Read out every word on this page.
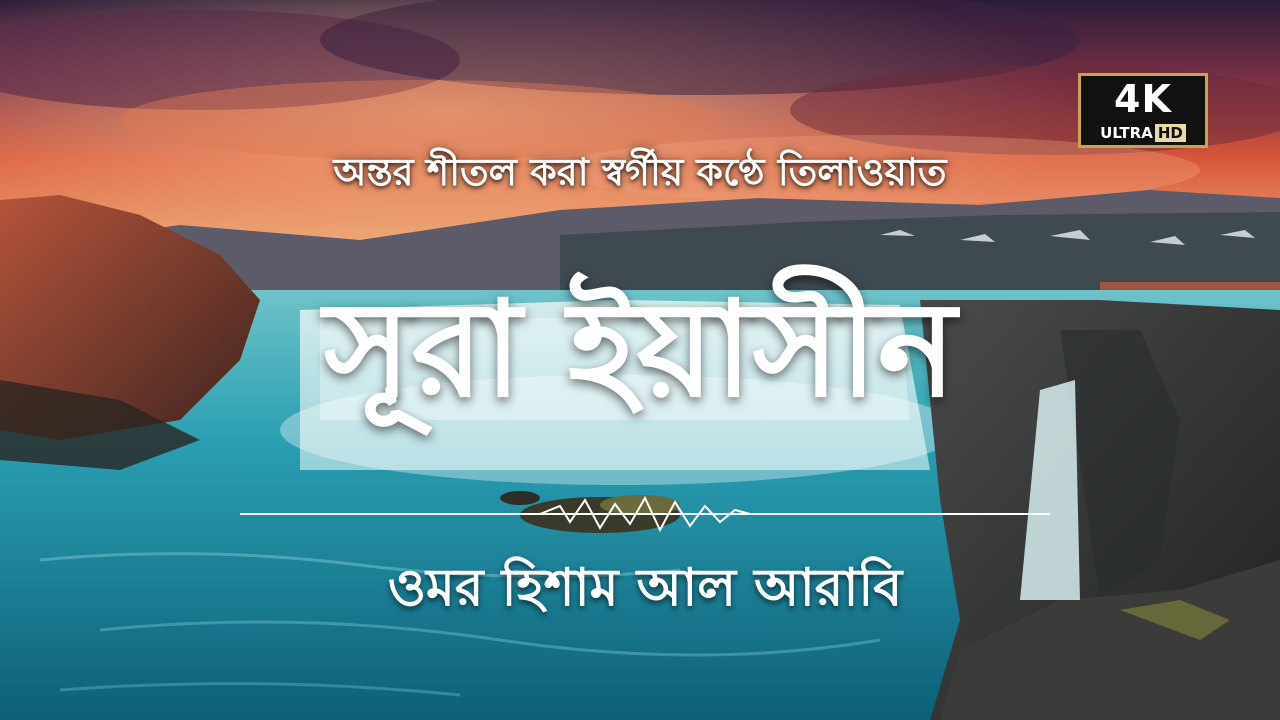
4K
ULTRA HD
অন্তর শীতল করা স্বর্গীয় কণ্ঠে তিলাওয়াত
সূরা ইয়াসীন
ওমর হিশাম আল আরাবি
